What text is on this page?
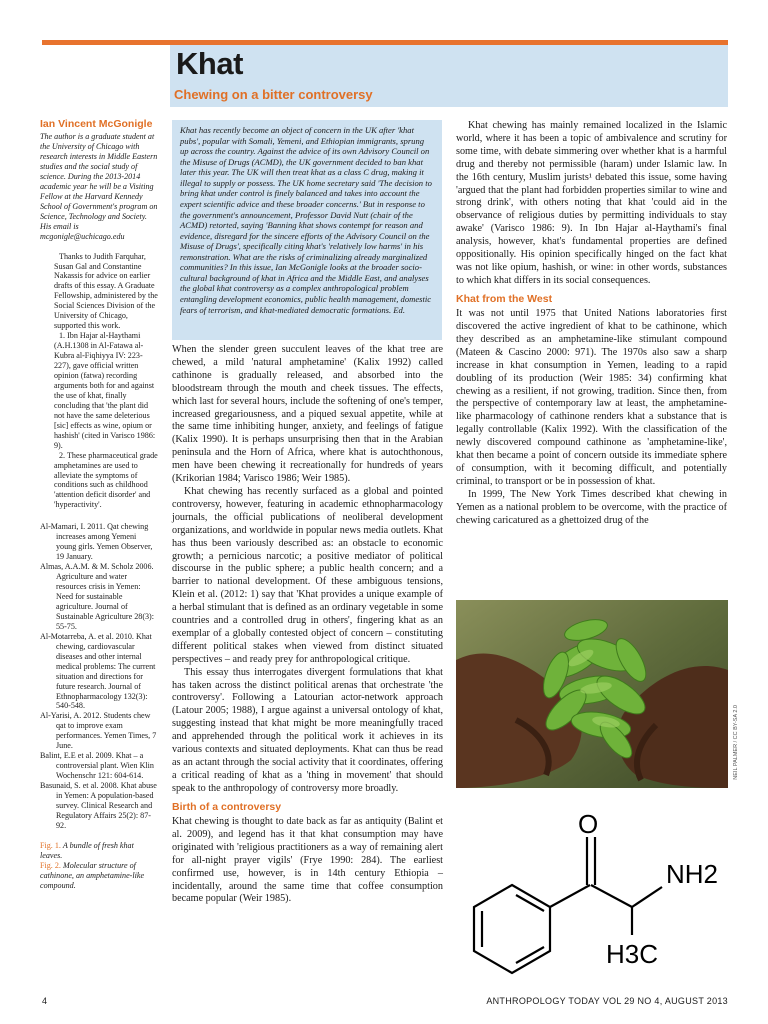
Khat
Chewing on a bitter controversy
Ian Vincent McGonigle
The author is a graduate student at the University of Chicago with research interests in Middle Eastern studies and the social study of science. During the 2013-2014 academic year he will be a Visiting Fellow at the Harvard Kennedy School of Government's program on Science, Technology and Society. His email is mcgonigle@uchicago.edu

Thanks to Judith Farquhar, Susan Gal and Constantine Nakassis for advice on earlier drafts of this essay. A Graduate Fellowship, administered by the Social Sciences Division of the University of Chicago, supported this work.

1. Ibn Hajar al-Haythami (A.H.1308 in Al-Fatawa al-Kubra al-Fiqhiyya IV: 223-227), gave official written opinion (fatwa) recording arguments both for and against the use of khat, finally concluding that 'the plant did not have the same deleterious [sic] effects as wine, opium or hashish' (cited in Varisco 1986: 9).

2. These pharmaceutical grade amphetamines are used to alleviate the symptoms of conditions such as childhood 'attention deficit disorder' and 'hyperactivity'.

Al-Mamari, I. 2011. Qat chewing increases among Yemeni young girls. Yemen Observer, 19 January.

Almas, A.A.M. & M. Scholz 2006. Agriculture and water resources crisis in Yemen: Need for sustainable agriculture. Journal of Sustainable Agriculture 28(3): 55-75.

Al-Motarreba, A. et al. 2010. Khat chewing, cardiovascular diseases and other internal medical problems: The current situation and directions for future research. Journal of Ethnopharmacology 132(3): 540-548.

Al-Yarisi, A. 2012. Students chew qat to improve exam performances. Yemen Times, 7 June.

Balint, E.E et al. 2009. Khat – a controversial plant. Wien Klin Wochenschr 121: 604-614.

Basunaid, S. et al. 2008. Khat abuse in Yemen: A population-based survey. Clinical Research and Regulatory Affairs 25(2): 87-92.

Fig. 1. A bundle of fresh khat leaves.

Fig. 2. Molecular structure of cathinone, an amphetamine-like compound.

Khat has recently become an object of concern in the UK after 'khat pubs', popular with Somali, Yemeni, and Ethiopian immigrants, sprung up across the country. Against the advice of its own Advisory Council on the Misuse of Drugs (ACMD), the UK government decided to ban khat later this year. The UK will then treat khat as a class C drug, making it illegal to supply or possess. The UK home secretary said 'The decision to bring khat under control is finely balanced and takes into account the expert scientific advice and these broader concerns.' But in response to the government's announcement, Professor David Nutt (chair of the ACMD) retorted, saying 'Banning khat shows contempt for reason and evidence, disregard for the sincere efforts of the Advisory Council on the Misuse of Drugs', specifically citing khat's 'relatively low harms' in his remonstration. What are the risks of criminalizing already marginalized communities? In this issue, Ian McGonigle looks at the broader socio-cultural background of khat in Africa and the Middle East, and analyses the global khat controversy as a complex anthropological problem entangling development economics, public health management, domestic fears of terrorism, and khat-mediated democratic formations. Ed.

When the slender green succulent leaves of the khat tree are chewed, a mild 'natural amphetamine' (Kalix 1992) called cathinone is gradually released, and absorbed into the bloodstream through the mouth and cheek tissues. The effects, which last for several hours, include the softening of one's temper, increased gregariousness, and a piqued sexual appetite, while at the same time inhibiting hunger, anxiety, and feelings of fatigue (Kalix 1990). It is perhaps unsurprising then that in the Arabian peninsula and the Horn of Africa, where khat is autochthonous, men have been chewing it recreationally for hundreds of years (Krikorian 1984; Varisco 1986; Weir 1985).

Khat chewing has recently surfaced as a global and pointed controversy, however, featuring in academic ethnopharmacology journals, the official publications of neoliberal development organizations, and worldwide in popular news media outlets. Khat has thus been variously described as: an obstacle to economic growth; a pernicious narcotic; a positive mediator of political discourse in the public sphere; a public health concern; and a barrier to national development. Of these ambiguous tensions, Klein et al. (2012: 1) say that 'Khat provides a unique example of a herbal stimulant that is defined as an ordinary vegetable in some countries and a controlled drug in others', fingering khat as an exemplar of a globally contested object of concern – constituting different political stakes when viewed from distinct situated perspectives – and ready prey for anthropological critique.

This essay thus interrogates divergent formulations that khat has taken across the distinct political arenas that orchestrate 'the controversy'. Following a Latourian actor-network approach (Latour 2005; 1988), I argue against a universal ontology of khat, suggesting instead that khat might be more meaningfully traced and apprehended through the political work it achieves in its various contexts and situated deployments. Khat can thus be read as an actant through the social activity that it coordinates, offering a critical reading of khat as a 'thing in movement' that should speak to the anthropology of controversy more broadly.

Birth of a controversy

Khat chewing is thought to date back as far as antiquity (Balint et al. 2009), and legend has it that khat consumption may have originated with 'religious practitioners as a way of remaining alert for all-night prayer vigils' (Frye 1990: 284). The earliest confirmed use, however, is in 14th century Ethiopia – incidentally, around the same time that coffee consumption became popular (Weir 1985).

Khat chewing has mainly remained localized in the Islamic world, where it has been a topic of ambivalence and scrutiny for some time, with debate simmering over whether khat is a harmful drug and thereby not permissible (haram) under Islamic law. In the 16th century, Muslim jurists¹ debated this issue, some having 'argued that the plant had forbidden properties similar to wine and strong drink', with others noting that khat 'could aid in the observance of religious duties by permitting individuals to stay awake' (Varisco 1986: 9). In Ibn Hajar al-Haythami's final analysis, however, khat's fundamental properties are defined oppositionally. His opinion specifically hinged on the fact khat was not like opium, hashish, or wine: in other words, substances to which khat differs in its social consequences.

Khat from the West

It was not until 1975 that United Nations laboratories first discovered the active ingredient of khat to be cathinone, which they described as an amphetamine-like stimulant compound (Mateen & Cascino 2000: 971). The 1970s also saw a sharp increase in khat consumption in Yemen, leading to a rapid doubling of its production (Weir 1985: 34) confirming khat chewing as a resilient, if not growing, tradition. Since then, from the perspective of contemporary law at least, the amphetamine-like pharmacology of cathinone renders khat a substance that is legally controllable (Kalix 1992). With the classification of the newly discovered compound cathinone as 'amphetamine-like', khat then became a point of concern outside its immediate sphere of consumption, with it becoming difficult, and potentially criminal, to transport or be in possession of khat.

In 1999, The New York Times described khat chewing in Yemen as a national problem to be overcome, with the practice of chewing caricatured as a ghettoized drug of the

NEIL PALMER / CC BY-SA 2.0
O
NH2
H3C
4	ANTHROPOLOGY TODAY VOL 29 NO 4, AUGUST 2013
